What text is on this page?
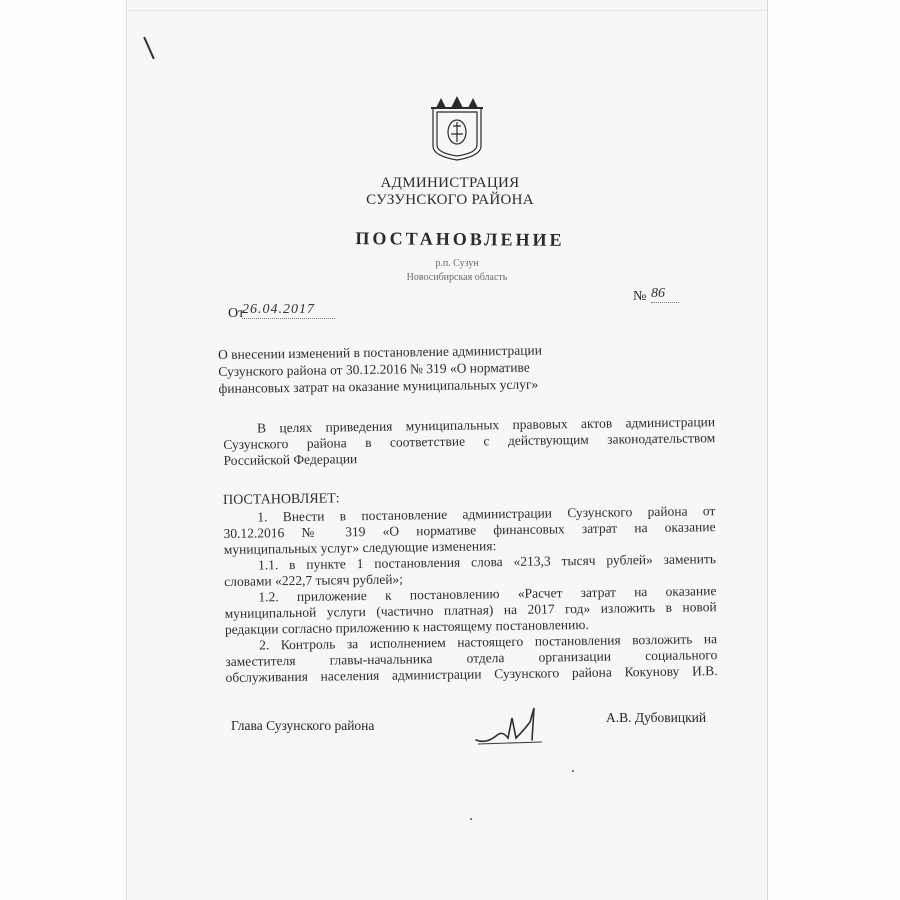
АДМИНИСТРАЦИЯ
СУЗУНСКОГО РАЙОНА
ПОСТАНОВЛЕНИЕ
р.п. Сузун
Новосибирская область
От
26.04.2017
№ 86
О внесении изменений в постановление администрации
Сузунского района от 30.12.2016 № 319 «О нормативе
финансовых затрат на оказание муниципальных услуг»
В целях приведения муниципальных правовых актов администрации
Сузунского района в соответствие с действующим законодательством
Российской Федерации
ПОСТАНОВЛЯЕТ:
1. Внести в постановление администрации Сузунского района от
30.12.2016 № 319 «О нормативе финансовых затрат на оказание
муниципальных услуг» следующие изменения:
1.1. в пункте 1 постановления слова «213,3 тысяч рублей» заменить
словами «222,7 тысяч рублей»;
1.2. приложение к постановлению «Расчет затрат на оказание
муниципальной услуги (частично платная) на 2017 год» изложить в новой
редакции согласно приложению к настоящему постановлению.
2. Контроль за исполнением настоящего постановления возложить на
заместителя главы-начальника отдела организации социального
обслуживания населения администрации Сузунского района Кокунову И.В.
Глава Сузунского района
А.В. Дубовицкий
